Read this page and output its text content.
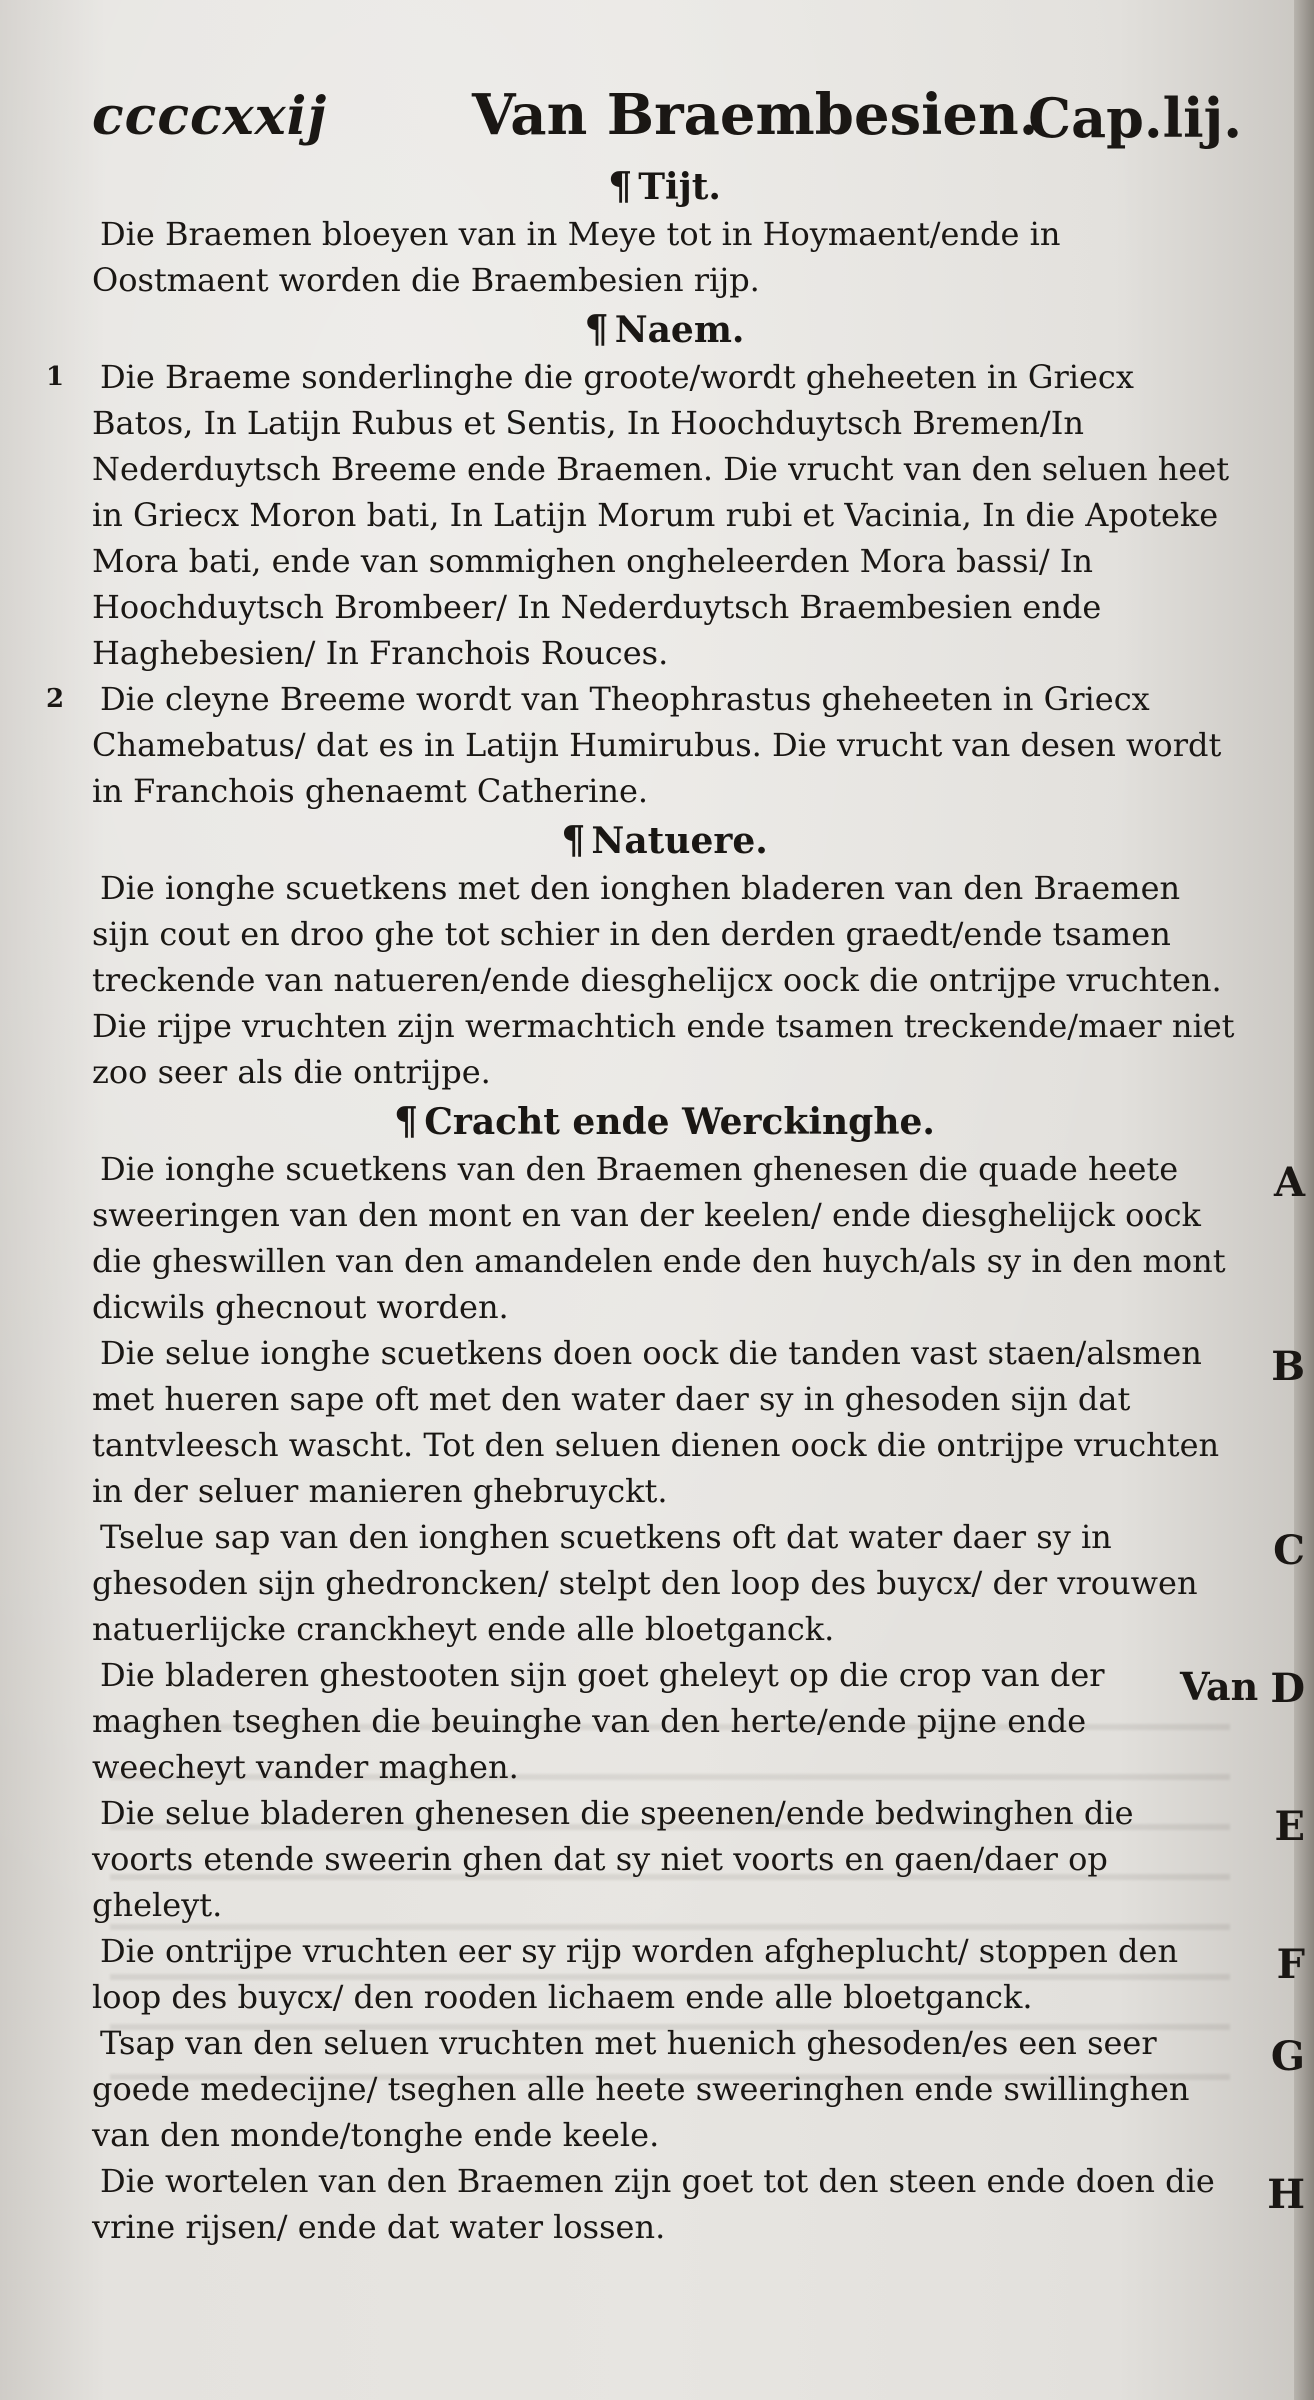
ccccxxij	Van Braembesien.
Cap.lij.
¶ Tijt.

Die Braemen bloeyen van in Meye tot in Hoymaent/ende in Oostmaent worden die Braembesien rijp.

¶ Naem.

1 Die Braeme sonderlinghe die groote/wordt gheheeten in Griecx Batos, In Latijn Rubus et Sentis, In Hoochduytsch Bremen/In Nederduytsch Breeme ende Braemen. Die vrucht van den seluen heet in Griecx Moron bati, In Latijn Morum rubi et Vacinia, In die Apoteke Mora bati, ende van sommighen ongheleerden Mora bassi/ In Hoochduytsch Brombeer/ In Nederduytsch Braembesien ende Haghebesien/ In Franchois Rouces.

2 Die cleyne Breeme wordt van Theophrastus gheheeten in Griecx Chamebatus/ dat es in Latijn Humirubus. Die vrucht van desen wordt in Franchois ghenaemt Catherine.

¶ Natuere.

Die ionghe scuetkens met den ionghen bladeren van den Braemen sijn cout en droo ghe tot schier in den derden graedt/ende tsamen treckende van natueren/ende diesghelijcx oock die ontrijpe vruchten. Die rijpe vruchten zijn wermachtich ende tsamen treckende/maer niet zoo seer als die ontrijpe.

¶ Cracht ende Werckinghe.

A
Die ionghe scuetkens van den Braemen ghenesen die quade heete sweeringen van den mont en van der keelen/ ende diesghelijck oock die gheswillen van den amandelen ende den huych/als sy in den mont dicwils ghecnout worden.

B
Die selue ionghe scuetkens doen oock die tanden vast staen/alsmen met hueren sape oft met den water daer sy in ghesoden sijn dat tantvleesch wascht. Tot den seluen dienen oock die ontrijpe vruchten in der seluer manieren ghebruyckt.

C
Tselue sap van den ionghen scuetkens oft dat water daer sy in ghesoden sijn ghedroncken/ stelpt den loop des buycx/ der vrouwen natuerlijcke cranckheyt ende alle bloetganck.

D
Die bladeren ghestooten sijn goet gheleyt op die crop van der maghen tseghen die beuinghe van den herte/ende pijne ende weecheyt vander maghen.

E
Die selue bladeren ghenesen die speenen/ende bedwinghen die voorts etende sweerin ghen dat sy niet voorts en gaen/daer op gheleyt.

F
Die ontrijpe vruchten eer sy rijp worden afgheplucht/ stoppen den loop des buycx/ den rooden lichaem ende alle bloetganck.

G
Tsap van den seluen vruchten met huenich ghesoden/es een seer goede medecijne/ tseghen alle heete sweeringhen ende swillinghen van den monde/tonghe ende keele.

H
Die wortelen van den Braemen zijn goet tot den steen ende doen die vrine rijsen/ ende dat water lossen.

Van
